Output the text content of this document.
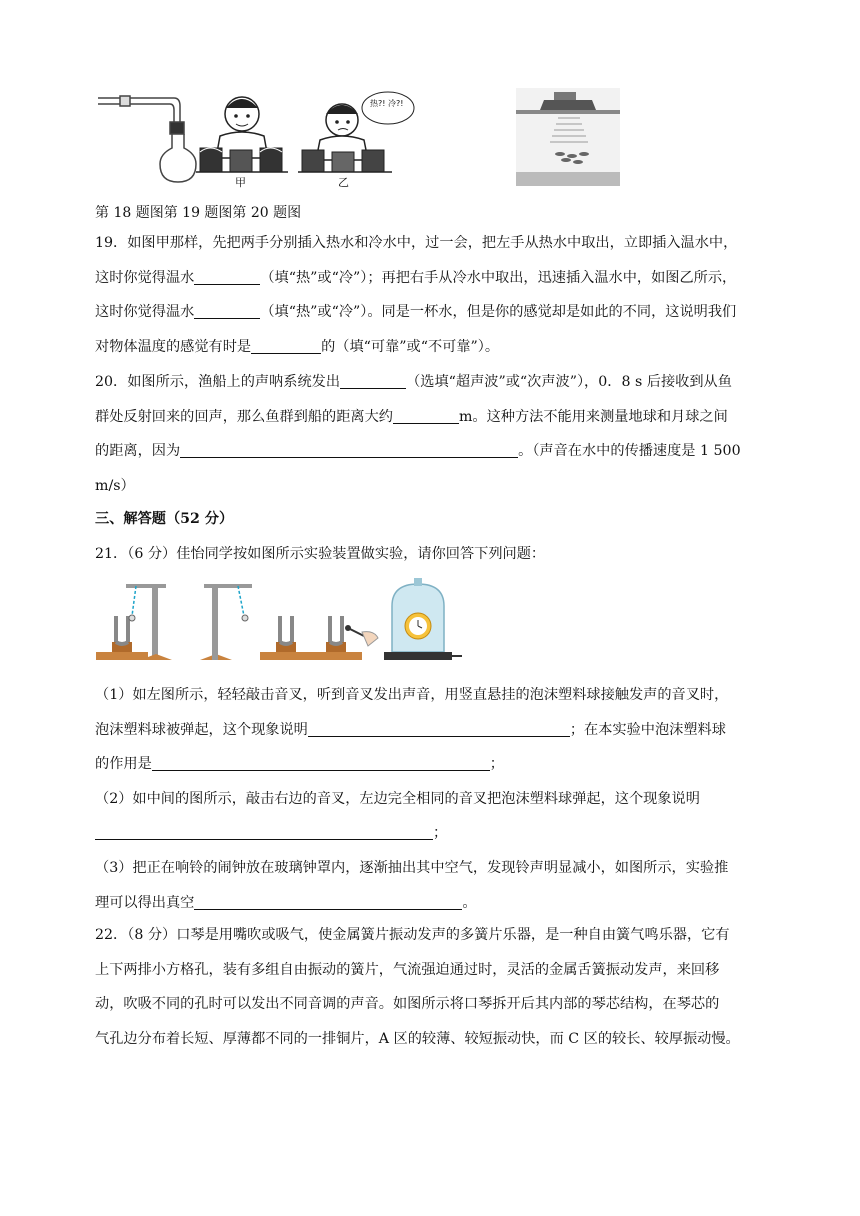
甲
热?! 冷?!
乙
第 18 题图第 19 题图第 20 题图

19．如图甲那样，先把两手分别插入热水和冷水中，过一会，把左手从热水中取出，立即插入温水中，

这时你觉得温水	（填“热”或“冷”）；再把右手从冷水中取出，迅速插入温水中，如图乙所示，

这时你觉得温水	（填“热”或“冷”）。同是一杯水，但是你的感觉却是如此的不同，这说明我们

对物体温度的感觉有时是	的（填“可靠”或“不可靠”）。

20．如图所示，渔船上的声呐系统发出	（选填“超声波”或“次声波”），0．8 s 后接收到从鱼

群处反射回来的回声，那么鱼群到船的距离大约	m。这种方法不能用来测量地球和月球之间

的距离，因为	。（声音在水中的传播速度是 1 500

m/s）

三、解答题（52 分）
21．（6 分）佳怡同学按如图所示实验装置做实验，请你回答下列问题：

（1）如左图所示，轻轻敲击音叉，听到音叉发出声音，用竖直悬挂的泡沫塑料球接触发声的音叉时，

泡沫塑料球被弹起，这个现象说明	；在本实验中泡沫塑料球

的作用是	；

（2）如中间的图所示，敲击右边的音叉，左边完全相同的音叉把泡沫塑料球弹起，这个现象说明

；

（3）把正在响铃的闹钟放在玻璃钟罩内，逐渐抽出其中空气，发现铃声明显减小，如图所示，实验推

理可以得出真空	。

22．（8 分）口琴是用嘴吹或吸气，使金属簧片振动发声的多簧片乐器，是一种自由簧气鸣乐器，它有

上下两排小方格孔，装有多组自由振动的簧片，气流强迫通过时，灵活的金属舌簧振动发声，来回移

动，吹吸不同的孔时可以发出不同音调的声音。如图所示将口琴拆开后其内部的琴芯结构，在琴芯的

气孔边分布着长短、厚薄都不同的一排铜片，A 区的较薄、较短振动快，而 C 区的较长、较厚振动慢。
